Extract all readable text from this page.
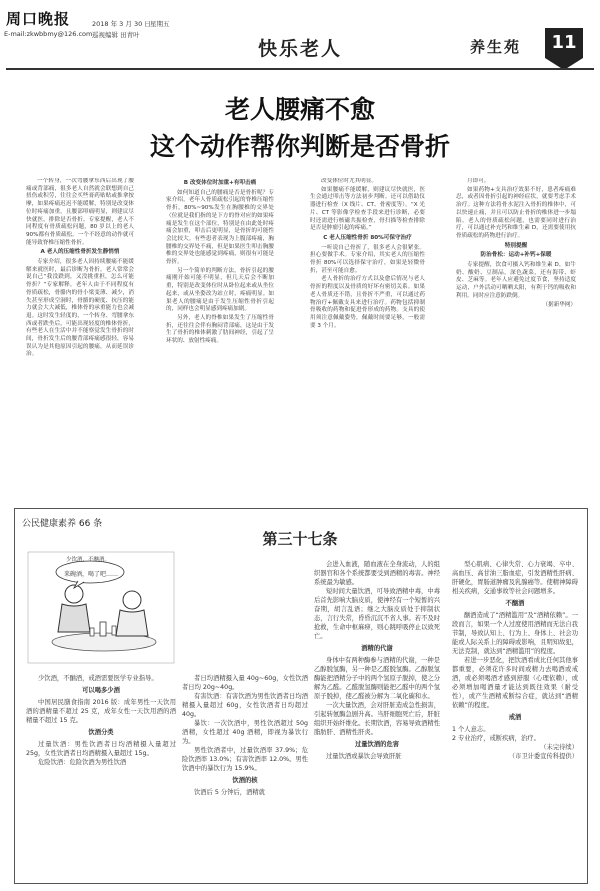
周口晚报
E-mail:zkwbbmy@126.com
2018 年 3 月 30 日 星期五
巡视编辑 田青叶
快乐老人	养生苑	11
老人腰痛不愈
这个动作帮你判断是否骨折

一个转身，一次弯腰拿东西后出现了腰痛或背部痛，很多老人自然就会联想到自己扭伤或积劳，往往会买些膏药贴贴或推拿按摩，如果疼痛迟迟不能缓解，特别是改变体位时疼痛加重，且腰部叩痛明显，则建议尽快就医，排除是否骨折。专家提醒，老人不同程度有骨质疏松问题，80 岁以上的老人 90%都有骨质疏松。一个不经意的动作就可能导致脊椎压缩性骨折。

A 老人的压缩性骨折发生静悄悄

专家介绍，很多老人因持续腰痛不能缓解来就医时，最后诊断为骨折。老人常常会说自己“我没跌到，又没挑重担，怎么可能骨折？”专家解释，老年人由于不同程度有骨质疏松，骨骼内的骨小梁变薄、减少，消失甚至形成空洞时，骨骼的硬度、抗压的能力就会大大减低，椎体骨的承重能力也会减退。这时发生轻度的，一个转身、弯腰拿东西或者跌坐后，可能出现轻度的椎体骨折，有些老人在生活中并不能察觉发生骨折的时间，骨折发生后的腰背部疼痛感很轻，容易误认为是其他原因引起的腰痛，从而延误诊治。

B 改变体位时加重+有叩击痛

如何知道自己的腰痛是否是骨折呢？专家介绍，老年人骨质疏松引起的脊椎压缩性骨折，80%~90%发生在胸腰椎的交界处（位就是我们指的是下方的脊对应的如果疼痛是发生在这个部位，特别是在由此处时疼痛会加重，叩击后更明显，是骨折的可能性会比较大。有些患者表现为上腹部疼痛，胸腰椎的交界处不痛，但是如果医生叩击胸腰椎的交界处也能感觉到疼痛，则很有可能是骨折。

另一个简单的判断方法，骨折引起的腰痛刚开始可能不明显，但几天后会不断加重，特别是改变体位时从卧位起来或从坐位起来，或从坐姿改为站立时，疼痛明显。如果老人的腰痛是由于发生压缩性骨折引起的，同样也会明显感到疼痛加剧。

另外，老人的脊椎如果发生了压缩性骨折，还往往会伴有胸闷背部痛，这是由于发生了骨折的椎体刺激了肋间神经，引起了呈环状的、放射性疼痛。

改变体位时尤其明显。

如果腰痛不能缓解，则建议尽快就医，医生会通过叩击等方法初步判断。还可以借助仪器进行检查（X 线片、CT、骨密度等）。“X 光片、CT 等影像学检查手段来进行诊断，必要时还需进行核磁共振检查，骨扫描等检查排除是否是肿瘤引起的疼痛。”

C 老人压缩性骨折 80%可保守治疗

一听说自己骨折了，很多老人会很紧张。担心要做手术。专家介绍，其实老人的压缩性骨折 80%可以选择保守治疗，如果是轻微骨折，甚至可能自愈。

老人骨折的治疗方式以及愈后情况与老人骨折的程度以及骨质的好坏有密切关系。如果老人骨质还不错，且骨折不严重，可以通过药物治疗+佩戴支具来进行治疗。药物包括抑制骨吸收的药物和促进骨形成的药物。支具的使用须注意佩戴姿势，佩戴时间要足够，一般需要 3 个月。

月即可。

如果药物+支具治疗效果不好，患者疼痛难忍，或者因骨折引起的神经症状，就要考虑手术治疗。这种方法将骨水泥注入骨折的椎体中，可以快速止痛，并且可以防止骨折的椎体进一步塌陷。老人的骨质疏松问题，也需要同时进行治疗，可以通过补充钙和维生素 D，还需要使用抗骨质疏松的药物进行治疗。

特别提醒

防治骨松：运动+补钙+保暖

专家提醒，饮食可摄入钙和维生素 D，如牛奶、酸奶、豆制品，深色蔬菜，还有海带、虾皮、芝麻等。老年人应避免过度节食，坚持适度运动，户外活动可晒晒太阳，有利于钙的吸收和利用。同时应注意防跌倒。

（据新华网）

公民健康素养 66 条
第三十七条
少饮酒，不酗酒。
来碗酒，喝了吧……

少饮酒，不酗酒，戒酒需要医学专业指导。

可以喝多少酒

中国居民膳食指南 2016 版：成年男性一天饮用酒的酒精量不超过 25 克，成年女性一天饮用酒的酒精量不超过 15 克。

饮酒分类

过量饮酒：男性饮酒者日均酒精摄入量超过 25g，女性饮酒者日均酒精摄入量超过 15g。

危险饮酒：危险饮酒为男性饮酒

者日均酒精摄入量 40g~60g，女性饮酒者日均 20g~40g。

有害饮酒：有害饮酒为男性饮酒者日均酒精摄入量超过 60g，女性饮酒者日均超过 40g。

暴饮：一次饮酒中，男性饮酒超过 50g 酒精，女性超过 40g 酒精，即视为暴饮行为。

男性饮酒者中，过量饮酒率 37.9%；危险饮酒率 13.0%；有害饮酒率 12.0%。男性饮酒中的暴饮行为 15.9%。

饮酒的核

饮酒后 5 分钟后，酒精就

会进入血液，随血液在全身流动，人的组织器官和各个系统都要受到酒精的毒害。神经系统最为敏感。

短时间大量饮酒，可导致酒精中毒，中毒后首先影响大脑皮质，使神经有一个短暂的兴奋期，胡言乱语；继之大脑皮质处于抑制状态，言行失常，昏昏沉沉不省人事。若不及时抢救，生命中枢麻痹，则心跳呼吸停止以致死亡。

酒精的代谢

身体中有两种酶参与酒精的代谢，一种是乙醇脱氢酶，另一种是乙醛脱氢酶。乙醇脱氢酶能把酒精分子中的两个氢原子脱掉，使之分解为乙醛。乙醛脱氢酶则能把乙醛中的两个氢原子脱掉，使乙醛被分解为二氧化碳和水。

一次大量饮酒，会对肝脏造成急性损害，引起转氨酶急剧升高。当肝细胞死亡后，肝脏组织开始纤维化。长期饮酒，容易导致酒精性脂肪肝、酒精性肝炎。

过量饮酒的危害

过量饮酒或暴饮会导致肝脏

型心肌病、心律失常、心力衰竭、卒中、高血压、高甘油三脂血症，引发酒精性肝病、肝硬化，胃肠道肿瘤及乳腺癌等。使精神障碍相关疾病，交通事故等社会问题增多。

不酗酒

酗酒造成了“酒精滥用”及“酒精依赖”。一段而言，如果一个人过度使用酒精而无法自我节制，导致认知上、行为上、身体上、社会功能或人际关系上的障碍或影响，且明知故犯，无法克制，就达到“酒精滥用”的程度。

若进一步恶化，把饮酒看成比任何其他事都重要，必须花许多时间或精力去喝酒或戒酒，或必须喝酒才感到舒服（心理依赖），或必须增加喝酒量才能达到既往效果（耐受性），或产生酒精戒断综合症，就达到“酒精依赖”的程度。

戒酒

1 个人意志。

2 专业治疗，戒断疾病，治疗。

（未完待续）

（市卫计委宣传科提供）
